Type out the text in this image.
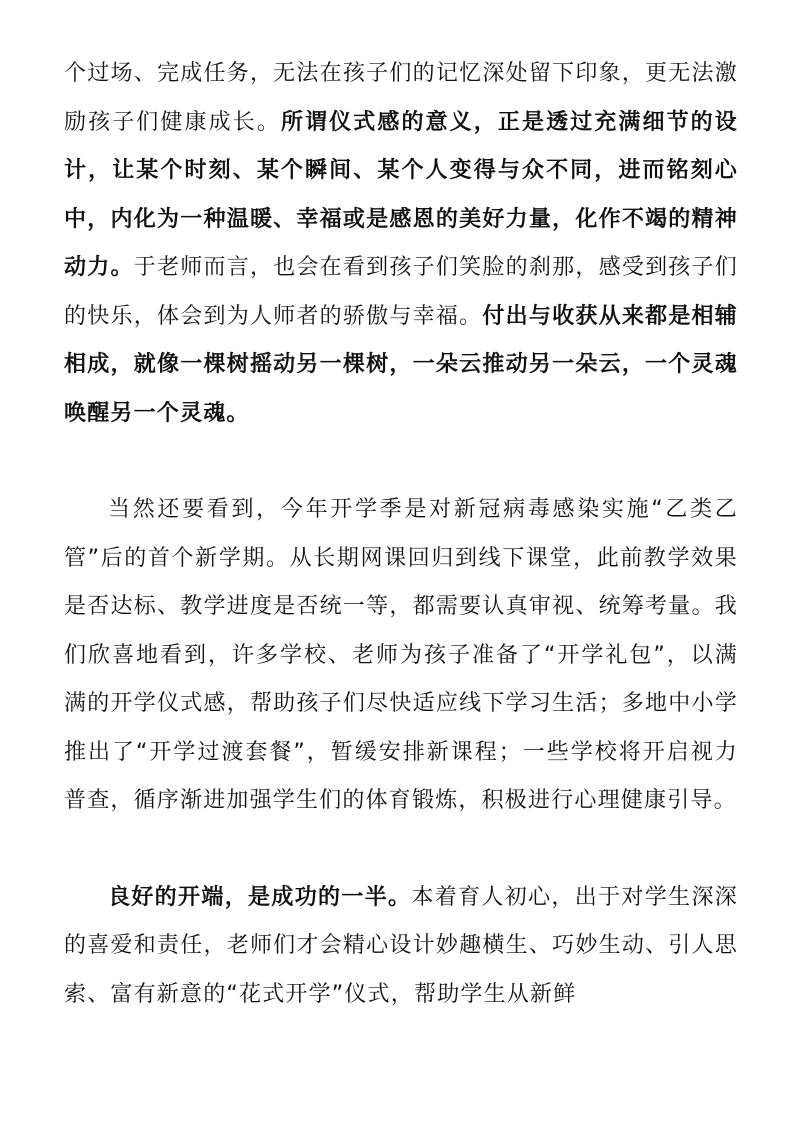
个过场、完成任务，无法在孩子们的记忆深处留下印象，更无法激励孩子们健康成长。所谓仪式感的意义，正是透过充满细节的设计，让某个时刻、某个瞬间、某个人变得与众不同，进而铭刻心中，内化为一种温暖、幸福或是感恩的美好力量，化作不竭的精神动力。于老师而言，也会在看到孩子们笑脸的刹那，感受到孩子们的快乐，体会到为人师者的骄傲与幸福。付出与收获从来都是相辅相成，就像一棵树摇动另一棵树，一朵云推动另一朵云，一个灵魂唤醒另一个灵魂。

当然还要看到，今年开学季是对新冠病毒感染实施“乙类乙管”后的首个新学期。从长期网课回归到线下课堂，此前教学效果是否达标、教学进度是否统一等，都需要认真审视、统筹考量。我们欣喜地看到，许多学校、老师为孩子准备了“开学礼包”，以满满的开学仪式感，帮助孩子们尽快适应线下学习生活；多地中小学推出了“开学过渡套餐”，暂缓安排新课程；一些学校将开启视力普查，循序渐进加强学生们的体育锻炼，积极进行心理健康引导。

良好的开端，是成功的一半。本着育人初心，出于对学生深深的喜爱和责任，老师们才会精心设计妙趣横生、巧妙生动、引人思索、富有新意的“花式开学”仪式，帮助学生从新鲜
